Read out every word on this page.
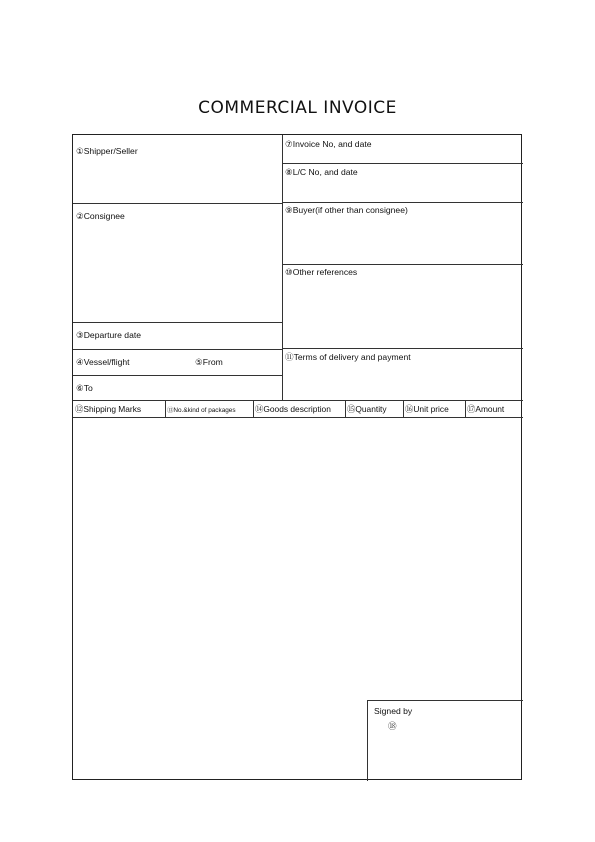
COMMERCIAL INVOICE
①Shipper/Seller
②Consignee
③Departure date
④Vessel/flight	⑤From
⑥To
⑦Invoice No, and date
⑧L/C No, and date
⑨Buyer(if other than consignee)
⑩Other references
⑪Terms of delivery and payment
⑫Shipping Marks	⑬No.&kind of packages ⑭Goods description ⑮Quantity ⑯Unit price ⑰Amount
Signed by
⑱
